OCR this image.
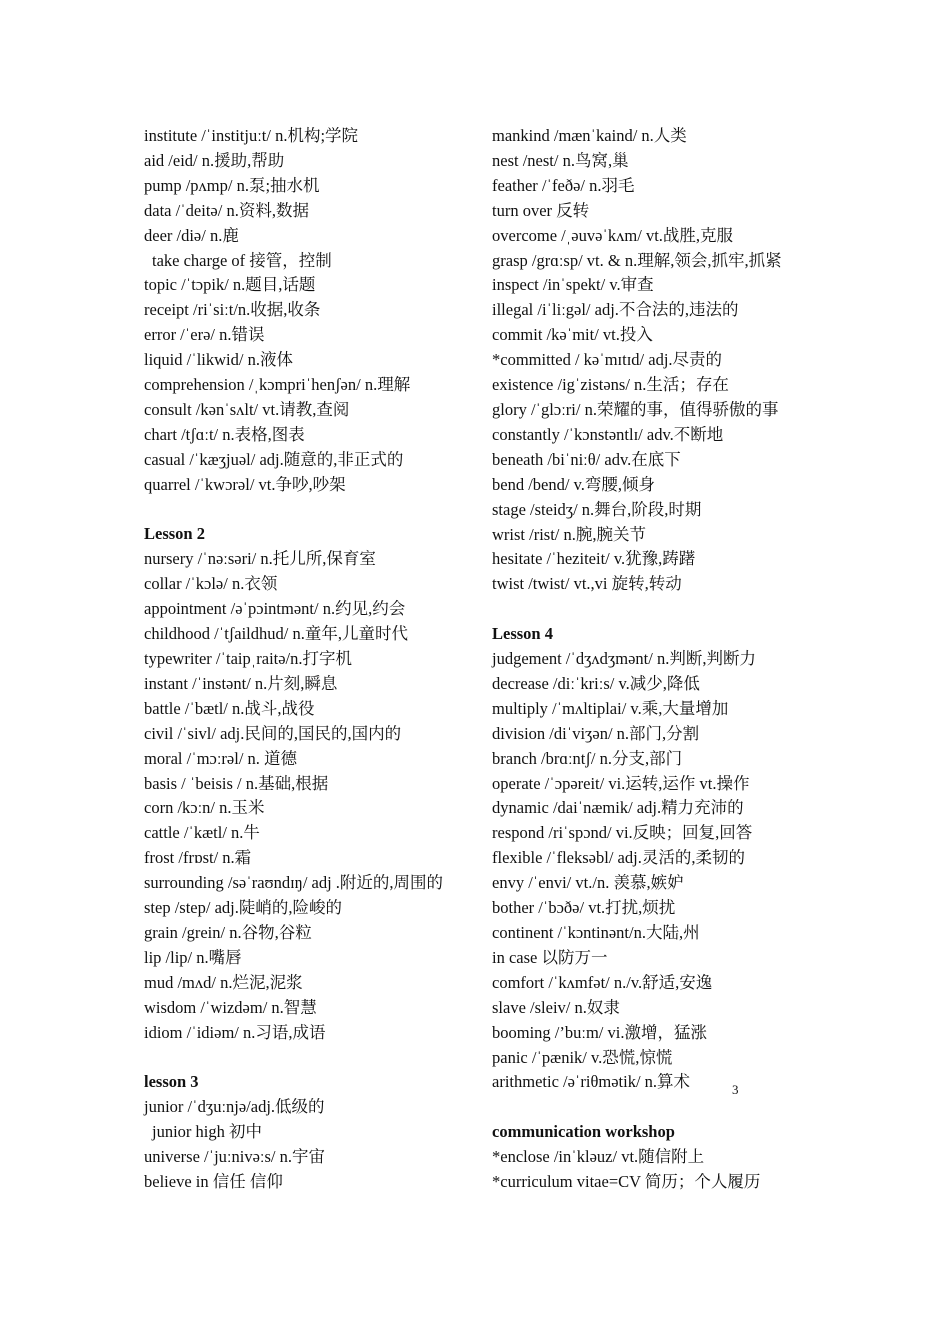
institute /ˈinstitjuːt/ n.机构;学院
aid /eid/ n.援助,帮助
pump /pʌmp/ n.泵;抽水机
data /ˈdeitə/ n.资料,数据
deer /diə/ n.鹿
take charge of 接管，控制
topic /ˈtɔpik/ n.题目,话题
receipt /riˈsiːt/n.收据,收条
error /ˈerə/ n.错误
liquid /ˈlikwid/ n.液体
comprehension /ˌkɔmpriˈhenʃən/ n.理解
consult /kənˈsʌlt/ vt.请教,查阅
chart /tʃɑːt/ n.表格,图表
casual /ˈkæʒjuəl/ adj.随意的,非正式的
quarrel /ˈkwɔrəl/ vt.争吵,吵架
Lesson 2
nursery /ˈnəːsəri/ n.托儿所,保育室
collar /ˈkɔlə/ n.衣领
appointment /əˈpɔintmənt/ n.约见,约会
childhood /ˈtʃaildhud/ n.童年,儿童时代
typewriter /ˈtaipˌraitə/n.打字机
instant /ˈinstənt/ n.片刻,瞬息
battle /ˈbætl/ n.战斗,战役
civil /ˈsivl/ adj.民间的,国民的,国内的
moral /ˈmɔːrəl/ n. 道德
basis / ˈbeisis / n.基础,根据
corn /kɔːn/ n.玉米
cattle /ˈkætl/ n.牛
frost /frɒst/ n.霜
surrounding /səˈraʊndɪŋ/ adj .附近的,周围的
step /step/ adj.陡峭的,险峻的
grain /grein/ n.谷物,谷粒
lip /lip/ n.嘴唇
mud /mʌd/ n.烂泥,泥浆
wisdom /ˈwizdəm/ n.智慧
idiom /ˈidiəm/ n.习语,成语
lesson 3
junior /ˈdʒuːnjə/adj.低级的
junior high 初中
universe /ˈjuːnivəːs/ n.宇宙
believe in 信任 信仰
mankind /mænˈkaind/ n.人类
nest /nest/ n.鸟窝,巢
feather /ˈfeðə/ n.羽毛
turn over 反转
overcome /ˌəuvəˈkʌm/ vt.战胜,克服
grasp /grɑːsp/ vt. & n.理解,领会,抓牢,抓紧
inspect /inˈspekt/ v.审查
illegal /iˈliːgəl/ adj.不合法的,违法的
commit /kəˈmit/ vt.投入
*committed / kəˈmɪtɪd/ adj.尽责的
existence /igˈzistəns/ n.生活；存在
glory /ˈglɔːri/ n.荣耀的事，值得骄傲的事
constantly /ˈkɔnstəntlɪ/ adv.不断地
beneath /biˈniːθ/ adv.在底下
bend /bend/ v.弯腰,倾身
stage /steidʒ/ n.舞台,阶段,时期
wrist /rist/ n.腕,腕关节
hesitate /ˈheziteit/ v.犹豫,踌躇
twist /twist/ vt.,vi 旋转,转动
Lesson 4
judgement /ˈdʒʌdʒmənt/ n.判断,判断力
decrease /diːˈkriːs/ v.减少,降低
multiply /ˈmʌltiplai/ v.乘,大量增加
division /diˈviʒən/ n.部门,分割
branch /brɑːntʃ/ n.分支,部门
operate /ˈɔpəreit/ vi.运转,运作 vt.操作
dynamic /daiˈnæmik/ adj.精力充沛的
respond /riˈspɔnd/ vi.反映；回复,回答
flexible /ˈfleksəbl/ adj.灵活的,柔韧的
envy /ˈenvi/ vt./n. 羡慕,嫉妒
bother /ˈbɔðə/ vt.打扰,烦扰
continent /ˈkɔntinənt/n.大陆,州
in case 以防万一
comfort /ˈkʌmfət/ n./v.舒适,安逸
slave /sleiv/ n.奴隶
booming /’buːm/ vi.激增，猛涨
panic /ˈpænik/ v.恐慌,惊慌
arithmetic /əˈriθmətik/ n.算术
communication workshop
*enclose /inˈkləuz/ vt.随信附上
*curriculum vitae=CV 简历；个人履历
3
